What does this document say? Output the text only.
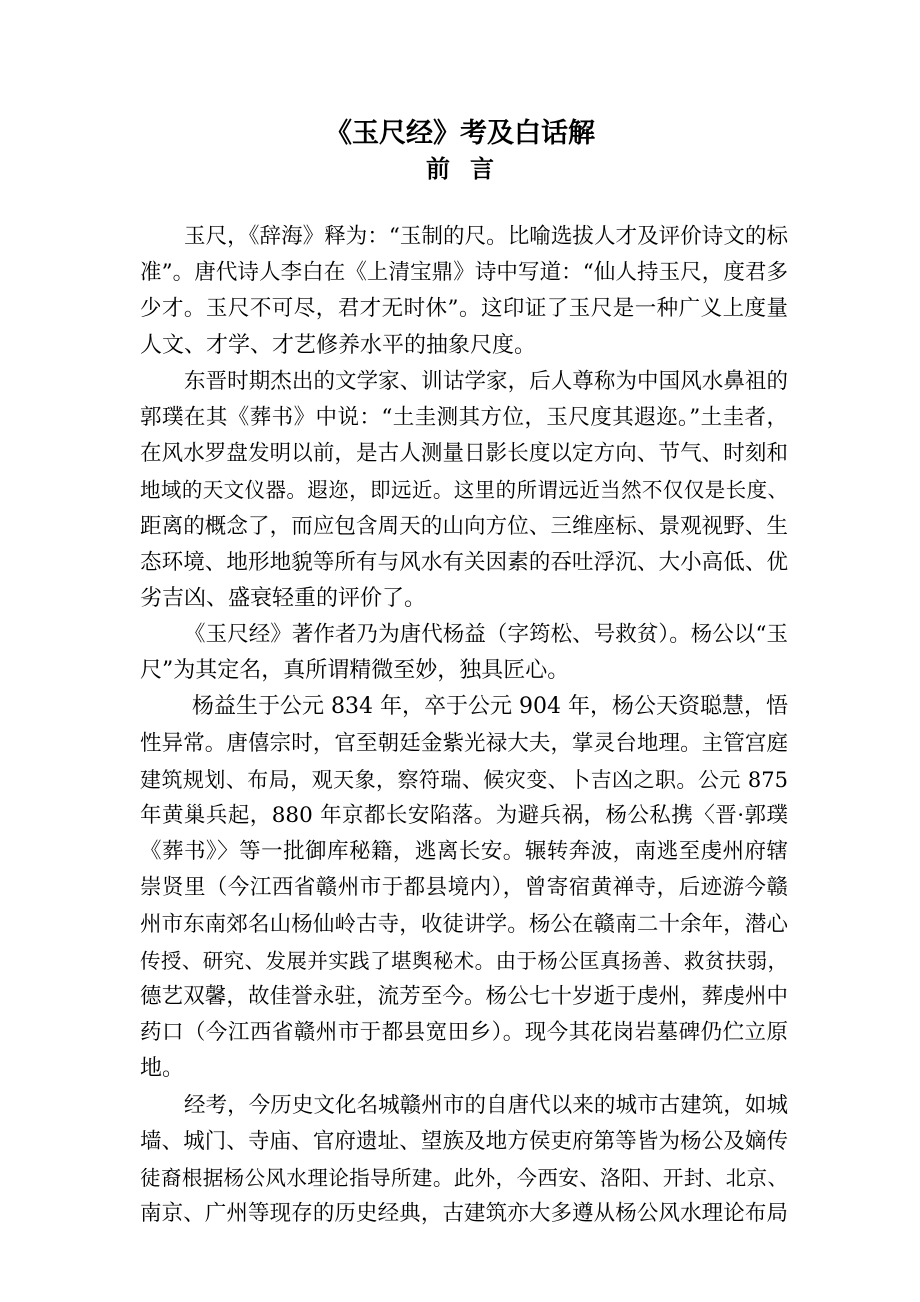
《玉尺经》考及白话解
前言
玉尺，《辞海》释为：“玉制的尺。比喻选拔人才及评价诗文的标
准”。唐代诗人李白在《上清宝鼎》诗中写道：“仙人持玉尺，度君多
少才。玉尺不可尽，君才无时休”。这印证了玉尺是一种广义上度量
人文、才学、才艺修养水平的抽象尺度。
东晋时期杰出的文学家、训诂学家，后人尊称为中国风水鼻祖的
郭璞在其《葬书》中说：“土圭测其方位，玉尺度其遐迩。”土圭者，
在风水罗盘发明以前，是古人测量日影长度以定方向、节气、时刻和
地域的天文仪器。遐迩，即远近。这里的所谓远近当然不仅仅是长度、
距离的概念了，而应包含周天的山向方位、三维座标、景观视野、生
态环境、地形地貌等所有与风水有关因素的吞吐浮沉、大小高低、优
劣吉凶、盛衰轻重的评价了。
《玉尺经》著作者乃为唐代杨益（字筠松、号救贫）。杨公以“玉
尺”为其定名，真所谓精微至妙，独具匠心。
杨益生于公元 834 年，卒于公元 904 年，杨公天资聪慧，悟
性异常。唐僖宗时，官至朝廷金紫光禄大夫，掌灵台地理。主管宫庭
建筑规划、布局，观天象，察符瑞、候灾变、卜吉凶之职。公元 875
年黄巢兵起，880 年京都长安陷落。为避兵祸，杨公私携〈晋·郭璞
《葬书》〉等一批御库秘籍，逃离长安。辗转奔波，南逃至虔州府辖
崇贤里（今江西省赣州市于都县境内），曾寄宿黄禅寺，后迹游今赣
州市东南郊名山杨仙岭古寺，收徒讲学。杨公在赣南二十余年，潜心
传授、研究、发展并实践了堪舆秘术。由于杨公匡真扬善、救贫扶弱，
德艺双馨，故佳誉永驻，流芳至今。杨公七十岁逝于虔州，葬虔州中
药口（今江西省赣州市于都县宽田乡）。现今其花岗岩墓碑仍伫立原
地。
经考，今历史文化名城赣州市的自唐代以来的城市古建筑，如城
墙、城门、寺庙、官府遗址、望族及地方侯吏府第等皆为杨公及嫡传
徒裔根据杨公风水理论指导所建。此外，今西安、洛阳、开封、北京、
南京、广州等现存的历史经典，古建筑亦大多遵从杨公风水理论布局
